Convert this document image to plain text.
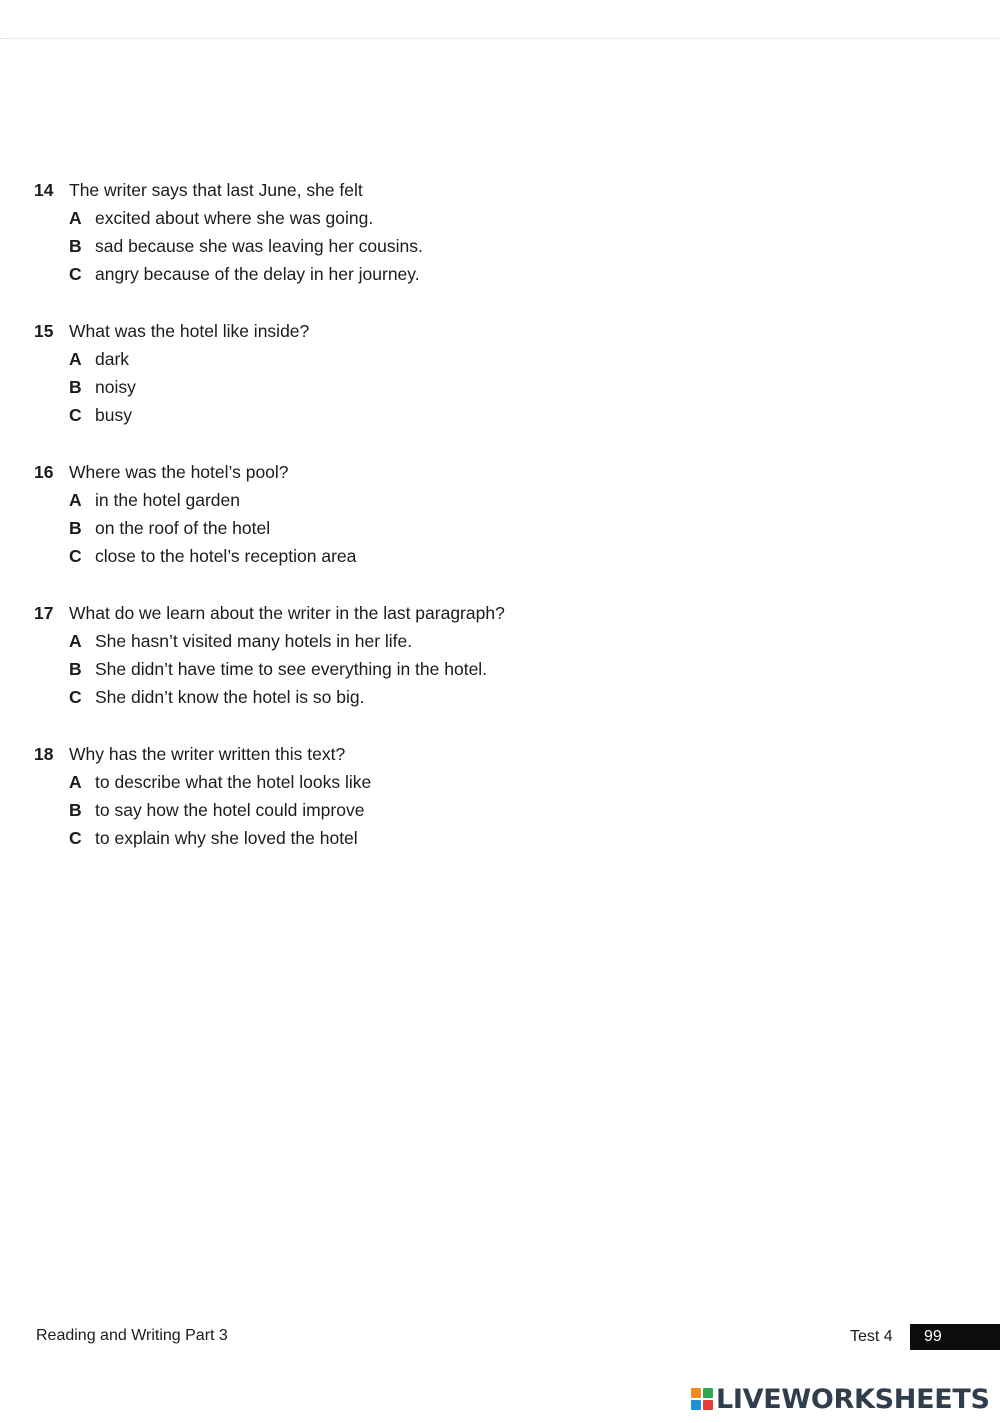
14 The writer says that last June, she felt
A excited about where she was going.
B sad because she was leaving her cousins.
C angry because of the delay in her journey.
15 What was the hotel like inside?
A dark
B noisy
C busy
16 Where was the hotel’s pool?
A in the hotel garden
B on the roof of the hotel
C close to the hotel’s reception area
17 What do we learn about the writer in the last paragraph?
A She hasn’t visited many hotels in her life.
B She didn’t have time to see everything in the hotel.
C She didn’t know the hotel is so big.
18 Why has the writer written this text?
A to describe what the hotel looks like
B to say how the hotel could improve
C to explain why she loved the hotel
Reading and Writing Part 3	Test 4 99
LIVEWORKSHEETS
